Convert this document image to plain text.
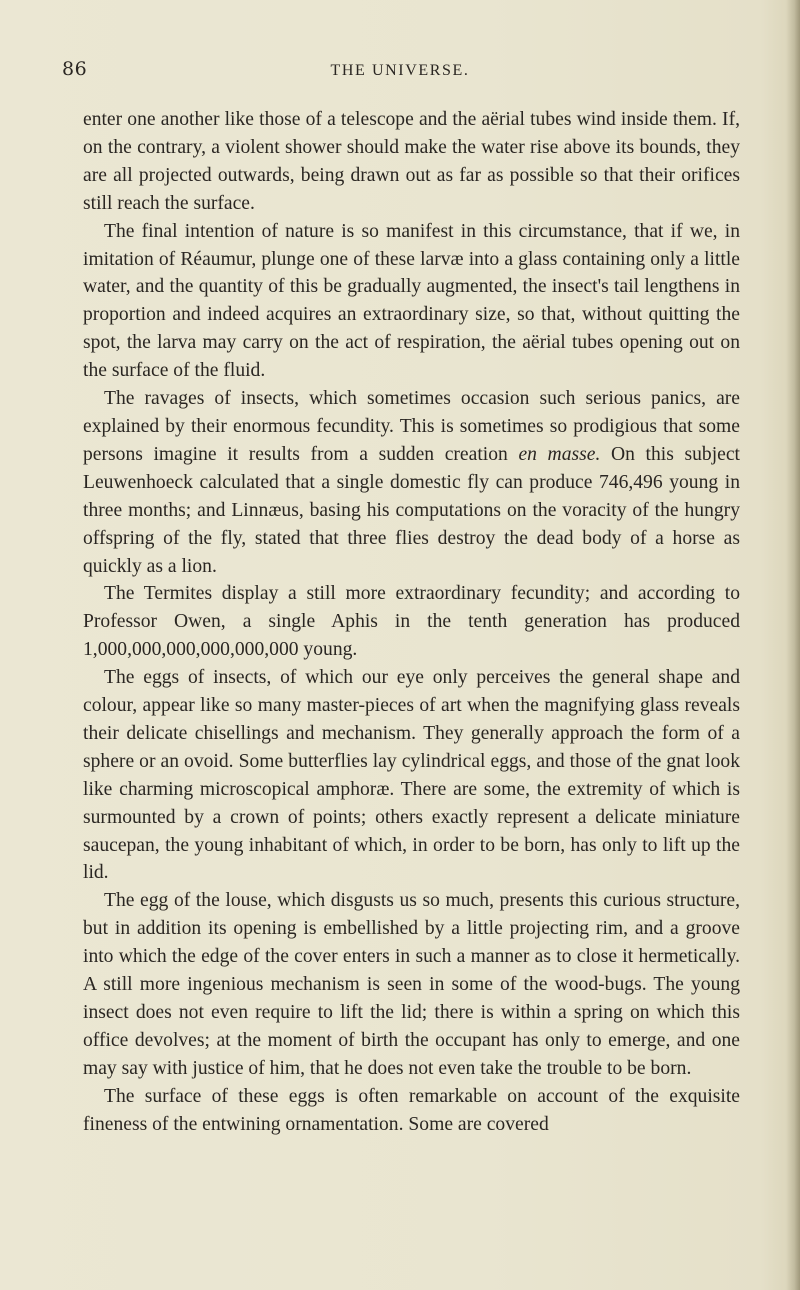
86	THE UNIVERSE.

enter one another like those of a telescope and the aërial tubes wind inside them. If, on the contrary, a violent shower should make the water rise above its bounds, they are all projected outwards, being drawn out as far as possible so that their orifices still reach the surface.

The final intention of nature is so manifest in this circumstance, that if we, in imitation of Réaumur, plunge one of these larvæ into a glass containing only a little water, and the quantity of this be gradually augmented, the insect's tail lengthens in proportion and indeed acquires an extraordinary size, so that, without quitting the spot, the larva may carry on the act of respiration, the aërial tubes opening out on the surface of the fluid.

The ravages of insects, which sometimes occasion such serious panics, are explained by their enormous fecundity. This is sometimes so prodigious that some persons imagine it results from a sudden creation en masse. On this subject Leuwenhoeck calculated that a single domestic fly can produce 746,496 young in three months; and Linnæus, basing his computations on the voracity of the hungry offspring of the fly, stated that three flies destroy the dead body of a horse as quickly as a lion.

The Termites display a still more extraordinary fecundity; and according to Professor Owen, a single Aphis in the tenth generation has produced 1,000,000,000,000,000,000 young.

The eggs of insects, of which our eye only perceives the general shape and colour, appear like so many master-pieces of art when the magnifying glass reveals their delicate chisellings and mechanism. They generally approach the form of a sphere or an ovoid. Some butterflies lay cylindrical eggs, and those of the gnat look like charming microscopical amphoræ. There are some, the extremity of which is surmounted by a crown of points; others exactly represent a delicate miniature saucepan, the young inhabitant of which, in order to be born, has only to lift up the lid.

The egg of the louse, which disgusts us so much, presents this curious structure, but in addition its opening is embellished by a little projecting rim, and a groove into which the edge of the cover enters in such a manner as to close it hermetically. A still more ingenious mechanism is seen in some of the wood-bugs. The young insect does not even require to lift the lid; there is within a spring on which this office devolves; at the moment of birth the occupant has only to emerge, and one may say with justice of him, that he does not even take the trouble to be born.

The surface of these eggs is often remarkable on account of the exquisite fineness of the entwining ornamentation. Some are covered
